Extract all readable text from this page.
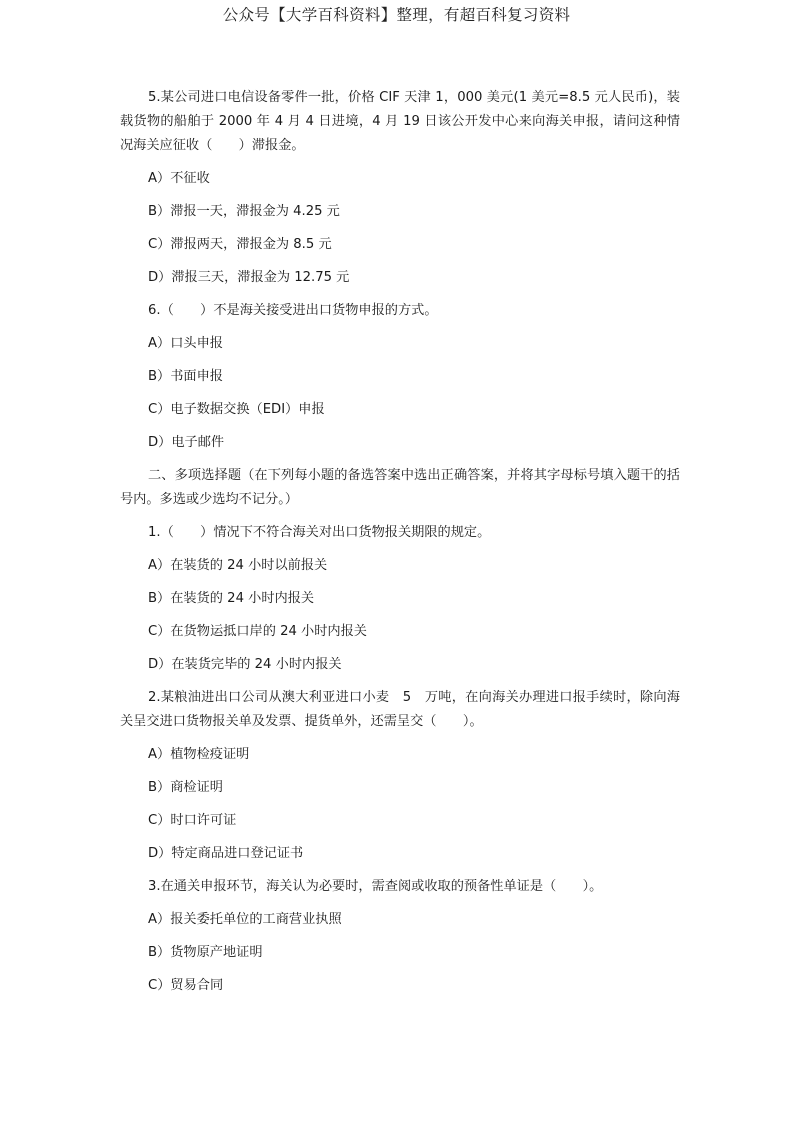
公众号【大学百科资料】整理，有超百科复习资料

5.某公司进口电信设备零件一批，价格 CIF 天津 1，000 美元(1 美元=8.5 元人民币)，装载货物的船舶于 2000 年 4 月 4 日进境，4 月 19 日该公开发中心来向海关申报，请问这种情况海关应征收（　　）滞报金。

A）不征收

B）滞报一天，滞报金为 4.25 元

C）滞报两天，滞报金为 8.5 元

D）滞报三天，滞报金为 12.75 元

6.（　　）不是海关接受进出口货物申报的方式。

A）口头申报

B）书面申报

C）电子数据交换（EDI）申报

D）电子邮件

二、多项选择题（在下列每小题的备选答案中选出正确答案，并将其字母标号填入题干的括号内。多选或少选均不记分。）

1.（　　）情况下不符合海关对出口货物报关期限的规定。

A）在装货的 24 小时以前报关

B）在装货的 24 小时内报关

C）在货物运抵口岸的 24 小时内报关

D）在装货完毕的 24 小时内报关

2.某粮油进出口公司从澳大利亚进口小麦　5　万吨，在向海关办理进口报手续时，除向海关呈交进口货物报关单及发票、提货单外，还需呈交（　　）。

A）植物检疫证明

B）商检证明

C）时口许可证

D）特定商品进口登记证书

3.在通关申报环节，海关认为必要时，需查阅或收取的预备性单证是（　　）。

A）报关委托单位的工商营业执照

B）货物原产地证明

C）贸易合同
